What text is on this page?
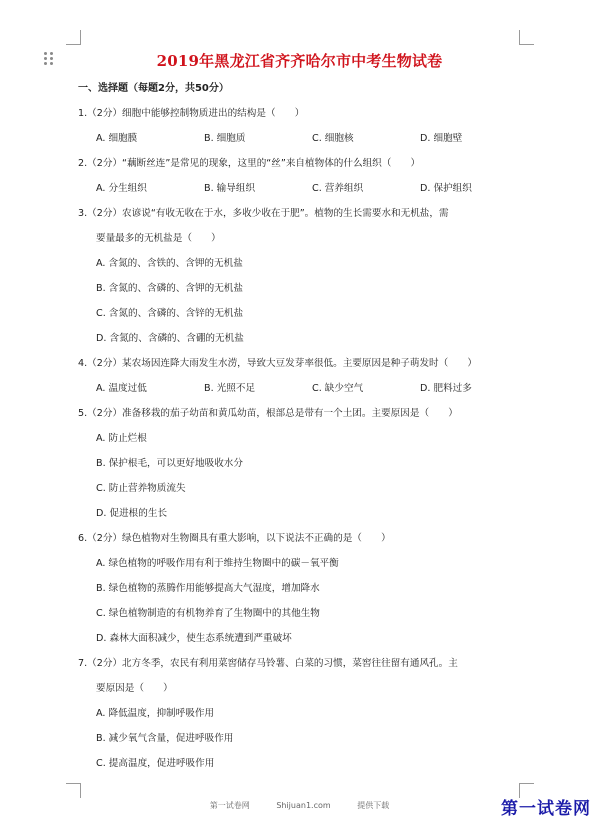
2019年黑龙江省齐齐哈尔市中考生物试卷
一、选择题（每题2分，共50分）
1.（2分）细胞中能够控制物质进出的结构是（　　）
A. 细胞膜	B. 细胞质	C. 细胞核	D. 细胞壁
2.（2分）“藕断丝连”是常见的现象，这里的“丝”来自植物体的什么组织（　　）
A. 分生组织	B. 输导组织	C. 营养组织	D. 保护组织
3.（2分）农谚说“有收无收在于水，多收少收在于肥”。植物的生长需要水和无机盐，需
要量最多的无机盐是（　　）
A. 含氮的、含铁的、含钾的无机盐
B. 含氮的、含磷的、含钾的无机盐
C. 含氮的、含磷的、含锌的无机盐
D. 含氮的、含磷的、含硼的无机盐
4.（2分）某农场因连降大雨发生水涝，导致大豆发芽率很低。主要原因是种子萌发时（　　）
A. 温度过低	B. 光照不足	C. 缺少空气	D. 肥料过多
5.（2分）准备移栽的茄子幼苗和黄瓜幼苗，根部总是带有一个土团。主要原因是（　　）
A. 防止烂根
B. 保护根毛，可以更好地吸收水分
C. 防止营养物质流失
D. 促进根的生长
6.（2分）绿色植物对生物圈具有重大影响，以下说法不正确的是（　　）
A. 绿色植物的呼吸作用有利于维持生物圈中的碳－氧平衡
B. 绿色植物的蒸腾作用能够提高大气湿度，增加降水
C. 绿色植物制造的有机物养育了生物圈中的其他生物
D. 森林大面积减少，使生态系统遭到严重破坏
7.（2分）北方冬季，农民有利用菜窖储存马铃薯、白菜的习惯，菜窖往往留有通风孔。主
要原因是（　　）
A. 降低温度，抑制呼吸作用
B. 减少氧气含量，促进呼吸作用
C. 提高温度，促进呼吸作用
第一试卷网	Shijuan1.com	提供下载	第一试卷网
